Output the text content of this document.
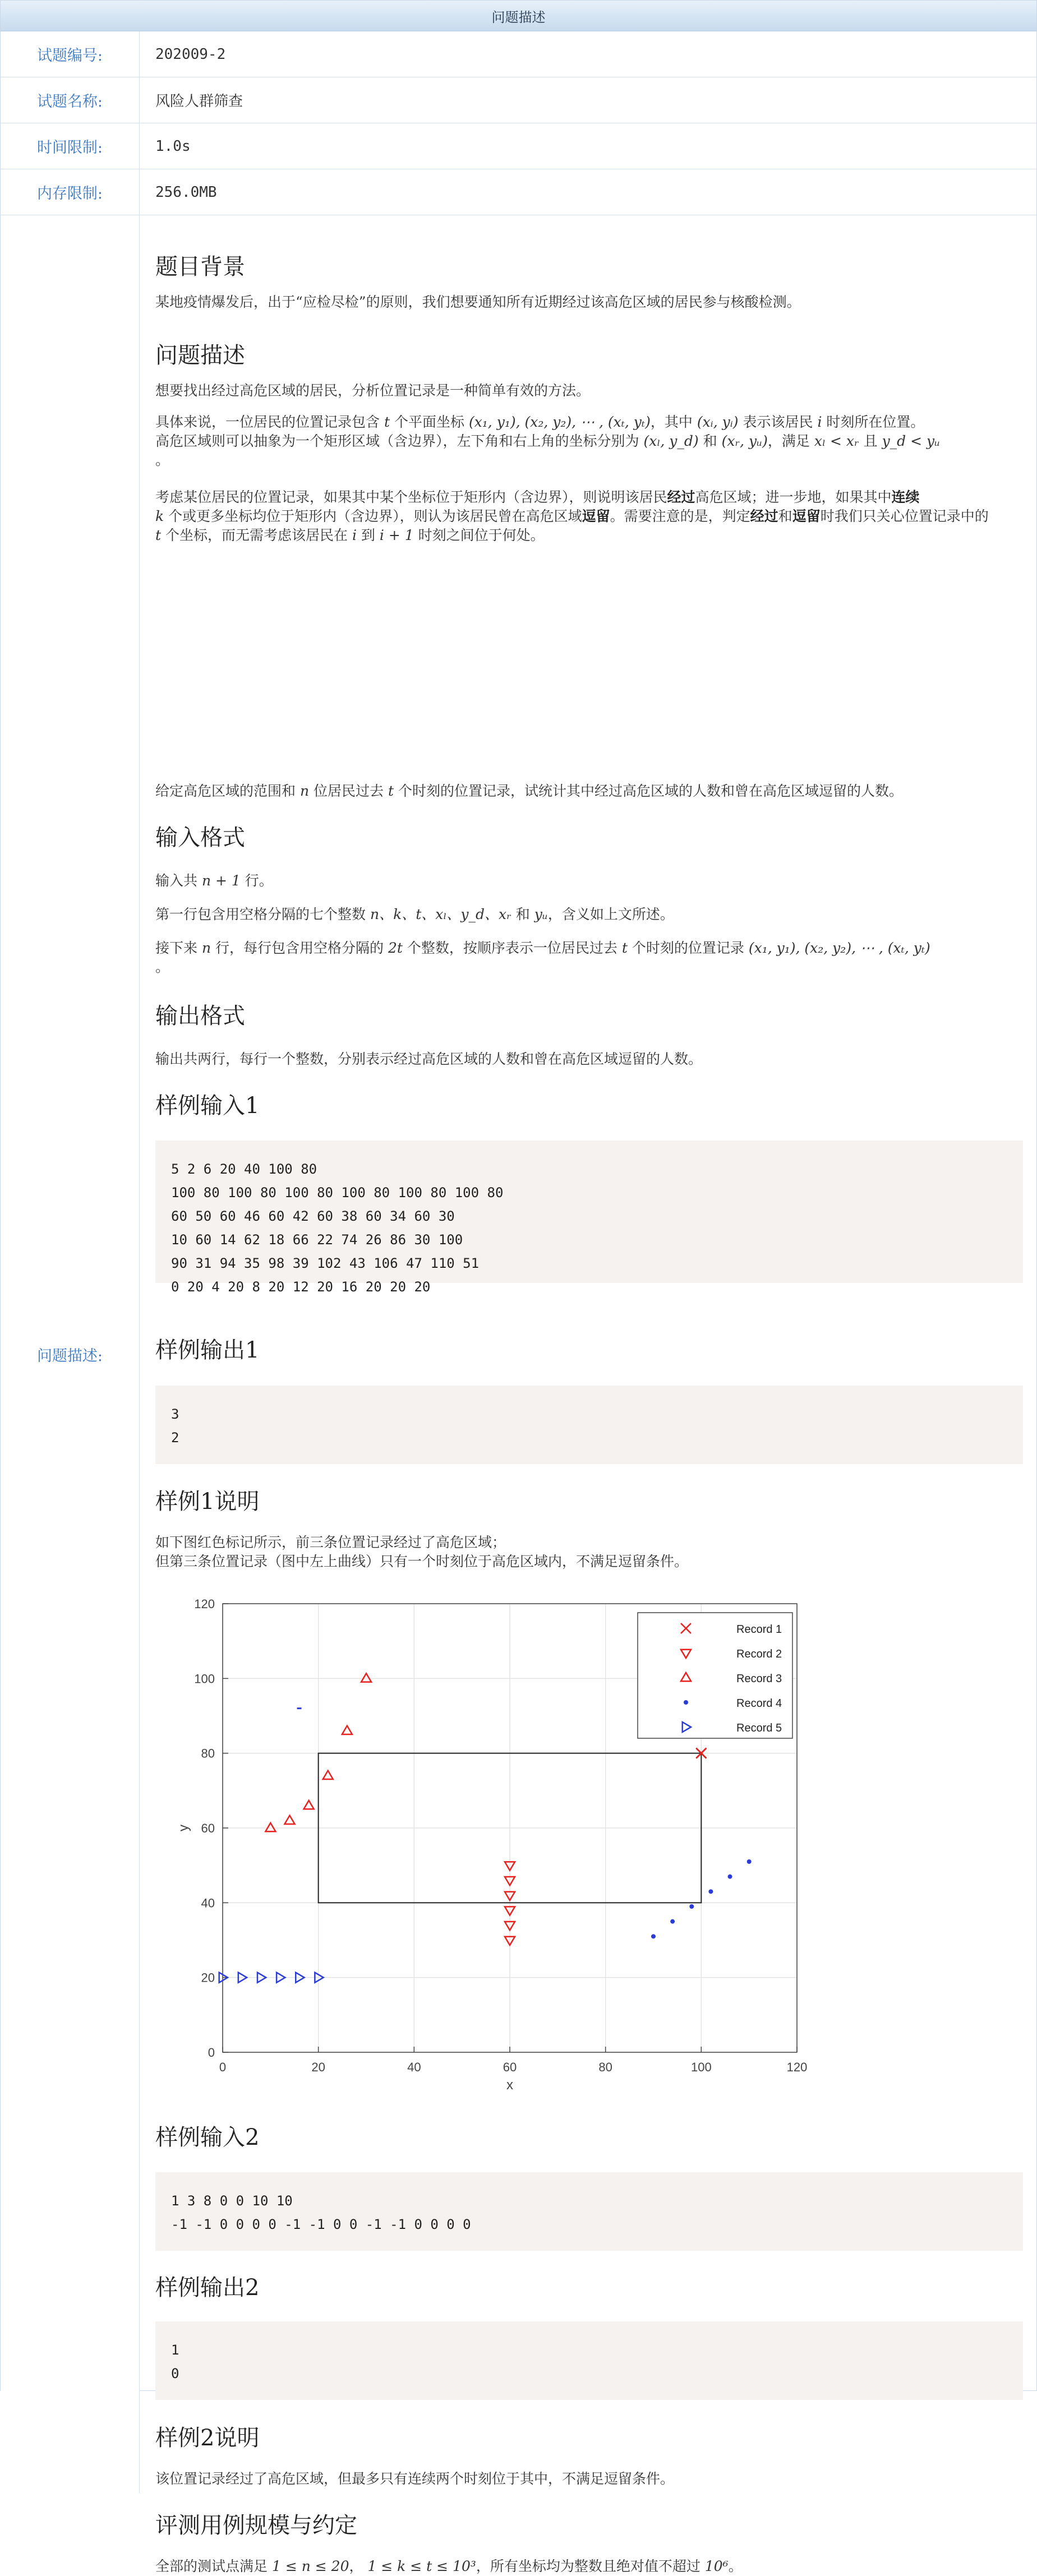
问题描述
试题编号:	202009-2
试题名称:	风险人群筛查
时间限制:	1.0s
内存限制:	256.0MB
问题描述:
题目背景

某地疫情爆发后，出于“应检尽检”的原则，我们想要通知所有近期经过该高危区域的居民参与核酸检测。

问题描述

想要找出经过高危区域的居民，分析位置记录是一种简单有效的方法。

具体来说，一位居民的位置记录包含 t 个平面坐标 (x₁, y₁), (x₂, y₂), ⋯ , (xₜ, yₜ)，其中 (xᵢ, yᵢ) 表示该居民 i 时刻所在位置。
高危区域则可以抽象为一个矩形区域（含边界），左下角和右上角的坐标分别为 (xₗ, y_d) 和 (xᵣ, yᵤ)，满足 xₗ < xᵣ 且 y_d < yᵤ
。

考虑某位居民的位置记录，如果其中某个坐标位于矩形内（含边界），则说明该居民经过高危区域；进一步地，如果其中连续
k 个或更多坐标均位于矩形内（含边界），则认为该居民曾在高危区域逗留。需要注意的是，判定经过和逗留时我们只关心位置记录中的
t 个坐标，而无需考虑该居民在 i 到 i + 1 时刻之间位于何处。

给定高危区域的范围和 n 位居民过去 t 个时刻的位置记录，试统计其中经过高危区域的人数和曾在高危区域逗留的人数。

输入格式

输入共 n + 1 行。

第一行包含用空格分隔的七个整数 n、k、t、xₗ、y_d、xᵣ 和 yᵤ，含义如上文所述。

接下来 n 行，每行包含用空格分隔的 2t 个整数，按顺序表示一位居民过去 t 个时刻的位置记录 (x₁, y₁), (x₂, y₂), ⋯ , (xₜ, yₜ)
。

输出格式

输出共两行，每行一个整数，分别表示经过高危区域的人数和曾在高危区域逗留的人数。

样例输入1
5 2 6 20 40 100 80
100 80 100 80 100 80 100 80 100 80 100 80
60 50 60 46 60 42 60 38 60 34 60 30
10 60 14 62 18 66 22 74 26 86 30 100
90 31 94 35 98 39 102 43 106 47 110 51
0 20 4 20 8 20 12 20 16 20 20 20
样例输出1
3
2
样例1说明

如下图红色标记所示，前三条位置记录经过了高危区域；

但第三条位置记录（图中左上曲线）只有一个时刻位于高危区域内，不满足逗留条件。

0	20	40	60	80	100	120
0
20
40
60
80
100
120
x
y
Record 1
Record 2
Record 3
Record 4
Record 5
样例输入2
1 3 8 0 0 10 10
-1 -1 0 0 0 0 -1 -1 0 0 -1 -1 0 0 0 0
样例输出2
1
0
样例2说明

该位置记录经过了高危区域，但最多只有连续两个时刻位于其中，不满足逗留条件。

评测用例规模与约定

全部的测试点满足 1 ≤ n ≤ 20， 1 ≤ k ≤ t ≤ 10³，所有坐标均为整数且绝对值不超过 10⁶。
